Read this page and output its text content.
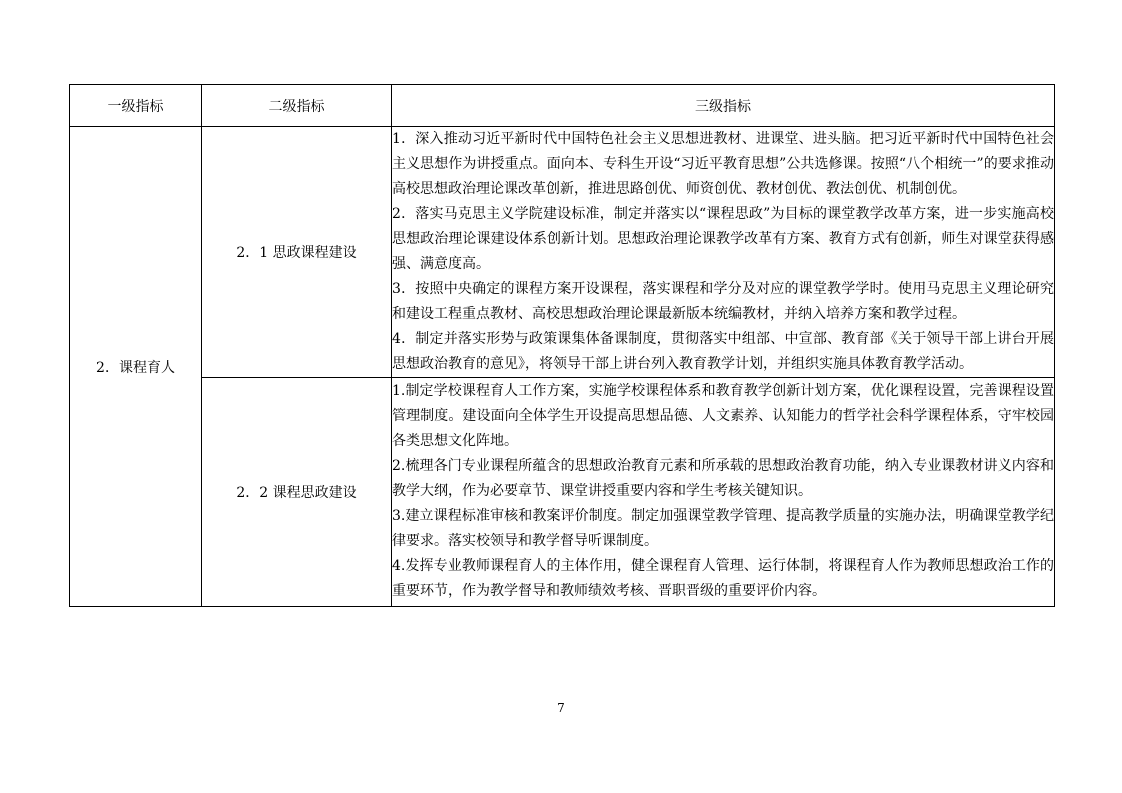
一级指标	二级指标	三级指标
2．课程育人	2．1 思政课程建设	1．深入推动习近平新时代中国特色社会主义思想进教材、进课堂、进头脑。把习近平新时代中国特色社会主义思想作为讲授重点。面向本、专科生开设“习近平教育思想”公共选修课。按照“八个相统一”的要求推动高校思想政治理论课改革创新，推进思路创优、师资创优、教材创优、教法创优、机制创优。

2．落实马克思主义学院建设标准，制定并落实以“课程思政”为目标的课堂教学改革方案，进一步实施高校思想政治理论课建设体系创新计划。思想政治理论课教学改革有方案、教育方式有创新，师生对课堂获得感强、满意度高。

3．按照中央确定的课程方案开设课程，落实课程和学分及对应的课堂教学学时。使用马克思主义理论研究和建设工程重点教材、高校思想政治理论课最新版本统编教材，并纳入培养方案和教学过程。

4．制定并落实形势与政策课集体备课制度，贯彻落实中组部、中宣部、教育部《关于领导干部上讲台开展思想政治教育的意见》，将领导干部上讲台列入教育教学计划，并组织实施具体教育教学活动。

	2．2 课程思政建设	1.制定学校课程育人工作方案，实施学校课程体系和教育教学创新计划方案，优化课程设置，完善课程设置管理制度。建设面向全体学生开设提高思想品德、人文素养、认知能力的哲学社会科学课程体系，守牢校园各类思想文化阵地。

2.梳理各门专业课程所蕴含的思想政治教育元素和所承载的思想政治教育功能，纳入专业课教材讲义内容和教学大纲，作为必要章节、课堂讲授重要内容和学生考核关键知识。

3.建立课程标准审核和教案评价制度。制定加强课堂教学管理、提高教学质量的实施办法，明确课堂教学纪律要求。落实校领导和教学督导听课制度。

4.发挥专业教师课程育人的主体作用，健全课程育人管理、运行体制，将课程育人作为教师思想政治工作的重要环节，作为教学督导和教师绩效考核、晋职晋级的重要评价内容。

7
